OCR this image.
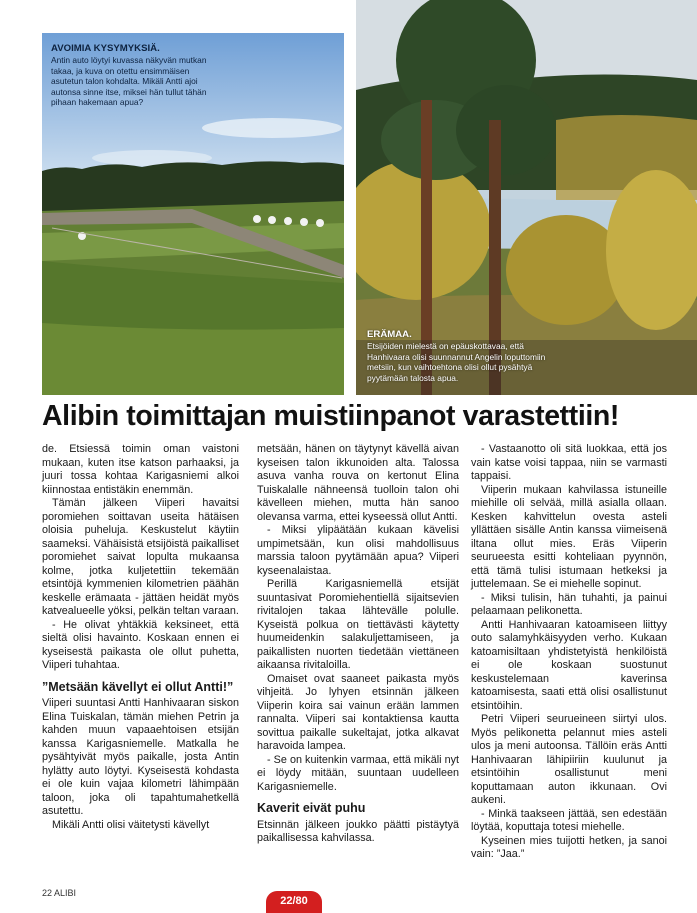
AVOIMIA KYSYMYKSIÄ.
Antin auto löytyi kuvassa näkyvän mutkan takaa, ja kuva on otettu ensimmäisen asutetun talon kohdalta. Mikäli Antti ajoi autonsa sinne itse, miksei hän tullut tähän pihaan hakemaan apua?
ERÄMAA.
Etsijöiden mielestä on epäuskottavaa, että Hanhivaara olisi suunnannut Angelin loputtomiin metsiin, kun vaihtoehtona olisi ollut pysähtyä pyytämään talosta apua.
Alibin toimittajan muistiinpanot varastettiin!

de. Etsiessä toimin oman vaistoni mukaan, kuten itse katson parhaaksi, ja juuri tossa kohtaa Karigasniemi alkoi kiinnostaa entistäkin enemmän.

Tämän jälkeen Viiperi havaitsi poromiehen soittavan useita hätäisen oloisia puheluja. Keskustelut käytiin saameksi. Vähäisistä etsijöistä paikalliset poromiehet saivat lopulta mukaansa kolme, jotka kuljetettiin tekemään etsintöjä kymmenien kilometrien päähän keskelle erämaata - jättäen heidät myös katvealueelle yöksi, pelkän teltan varaan.

- He olivat yhtäkkiä keksineet, että sieltä olisi havainto. Koskaan ennen ei kyseisestä paikasta ole ollut puhetta, Viiperi tuhahtaa.

”Metsään kävellyt ei ollut Antti!”

Viiperi suuntasi Antti Hanhivaaran siskon Elina Tuiskalan, tämän miehen Petrin ja kahden muun vapaaehtoisen etsijän kanssa Karigasniemelle. Matkalla he pysähtyivät myös paikalle, josta Antin hylätty auto löytyi. Kyseisestä kohdasta ei ole kuin vajaa kilometri lähimpään taloon, joka oli tapahtumahetkellä asutettu.

Mikäli Antti olisi väitetysti kävellyt

metsään, hänen on täytynyt kävellä aivan kyseisen talon ikkunoiden alta. Talossa asuva vanha rouva on kertonut Elina Tuiskalalle nähneensä tuolloin talon ohi kävelleen miehen, mutta hän sanoo olevansa varma, ettei kyseessä ollut Antti.

- Miksi ylipäätään kukaan kävelisi umpimetsään, kun olisi mahdollisuus marssia taloon pyytämään apua? Viiperi kyseenalaistaa.

Perillä Karigasniemellä etsijät suuntasivat Poromiehentiellä sijaitsevien rivitalojen takaa lähtevälle polulle. Kyseistä polkua on tiettävästi käytetty huumeidenkin salakuljettamiseen, ja paikallisten nuorten tiedetään viettäneen aikaansa rivitaloilla.

Omaiset ovat saaneet paikasta myös vihjeitä. Jo lyhyen etsinnän jälkeen Viiperin koira sai vainun erään lammen rannalta. Viiperi sai kontaktiensa kautta sovittua paikalle sukeltajat, jotka alkavat haravoida lampea.

- Se on kuitenkin varmaa, että mikäli nyt ei löydy mitään, suuntaan uudelleen Karigasniemelle.

Kaverit eivät puhu

Etsinnän jälkeen joukko päätti pistäytyä paikallisessa kahvilassa.

- Vastaanotto oli sitä luokkaa, että jos vain katse voisi tappaa, niin se varmasti tappaisi.

Viiperin mukaan kahvilassa istuneille miehille oli selvää, millä asialla ollaan. Kesken kahvittelun ovesta asteli yllättäen sisälle Antin kanssa viimeisenä iltana ollut mies. Eräs Viiperin seurueesta esitti kohteliaan pyynnön, että tämä tulisi istumaan hetkeksi ja juttelemaan. Se ei miehelle sopinut.

- Miksi tulisin, hän tuhahti, ja painui pelaamaan pelikonetta.

Antti Hanhivaaran katoamiseen liittyy outo salamyhkäisyyden verho. Kukaan katoamisiltaan yhdistetyistä henkilöistä ei ole koskaan suostunut keskustelemaan kaverinsa katoamisesta, saati että olisi osallistunut etsintöihin.

Petri Viiperi seurueineen siirtyi ulos. Myös pelikonetta pelannut mies asteli ulos ja meni autoonsa. Tällöin eräs Antti Hanhivaaran lähipiiriin kuulunut ja etsintöihin osallistunut meni koputtamaan auton ikkunaan. Ovi aukeni.

- Minkä taakseen jättää, sen edestään löytää, koputtaja totesi miehelle.

Kyseinen mies tuijotti hetken, ja sanoi vain: ”Jaa.”

22 ALIBI
22/80
